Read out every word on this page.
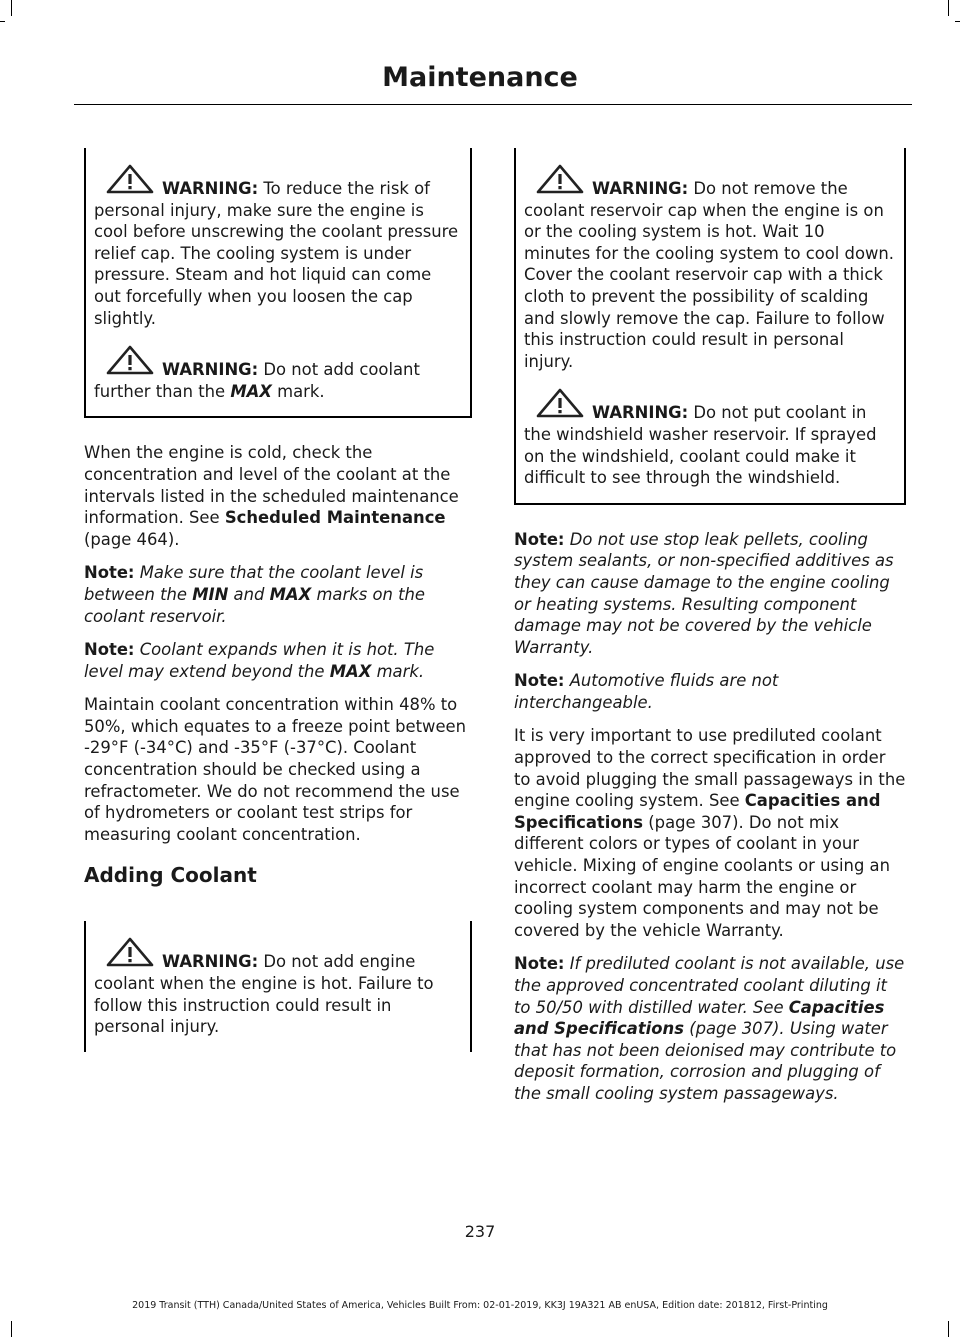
Maintenance
WARNING: To reduce the risk of personal injury, make sure the engine is cool before unscrewing the coolant pressure relief cap. The cooling system is under pressure. Steam and hot liquid can come out forcefully when you loosen the cap slightly.
WARNING: Do not add coolant further than the MAX mark.

When the engine is cold, check the concentration and level of the coolant at the intervals listed in the scheduled maintenance information. See Scheduled Maintenance (page 464).

Note: Make sure that the coolant level is between the MIN and MAX marks on the coolant reservoir.

Note: Coolant expands when it is hot. The level may extend beyond the MAX mark.

Maintain coolant concentration within 48% to 50%, which equates to a freeze point between -29°F (-34°C) and -35°F (-37°C). Coolant concentration should be checked using a refractometer. We do not recommend the use of hydrometers or coolant test strips for measuring coolant concentration.

Adding Coolant
WARNING: Do not add engine coolant when the engine is hot. Failure to follow this instruction could result in personal injury.
WARNING: Do not remove the coolant reservoir cap when the engine is on or the cooling system is hot. Wait 10 minutes for the cooling system to cool down. Cover the coolant reservoir cap with a thick cloth to prevent the possibility of scalding and slowly remove the cap. Failure to follow this instruction could result in personal injury.
WARNING: Do not put coolant in the windshield washer reservoir. If sprayed on the windshield, coolant could make it difficult to see through the windshield.

Note: Do not use stop leak pellets, cooling system sealants, or non-specified additives as they can cause damage to the engine cooling or heating systems. Resulting component damage may not be covered by the vehicle Warranty.

Note: Automotive fluids are not interchangeable.

It is very important to use prediluted coolant approved to the correct specification in order to avoid plugging the small passageways in the engine cooling system. See Capacities and Specifications (page 307). Do not mix different colors or types of coolant in your vehicle. Mixing of engine coolants or using an incorrect coolant may harm the engine or cooling system components and may not be covered by the vehicle Warranty.

Note: If prediluted coolant is not available, use the approved concentrated coolant diluting it to 50/50 with distilled water. See Capacities and Specifications (page 307). Using water that has not been deionised may contribute to deposit formation, corrosion and plugging of the small cooling system passageways.

237
2019 Transit (TTH) Canada/United States of America, Vehicles Built From: 02-01-2019, KK3J 19A321 AB enUSA, Edition date: 201812, First-Printing
